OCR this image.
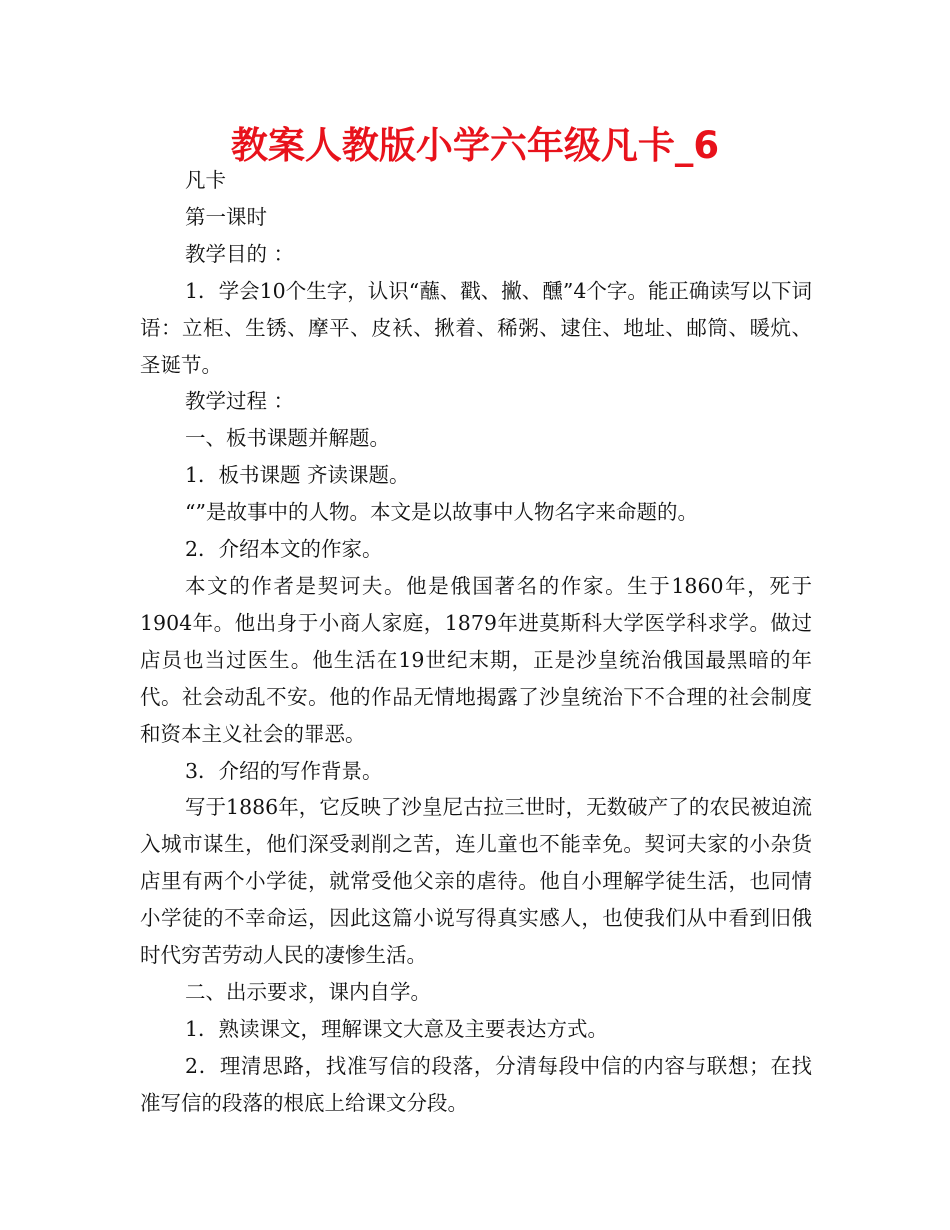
教案人教版小学六年级凡卡_6

凡卡

第一课时

教学目的 ：

1．学会10个生字，认识“蘸、戳、撇、醺”4个字。能正确读写以下词语：立柜、生锈、摩平、皮袄、揪着、稀粥、逮住、地址、邮筒、暖炕、圣诞节。

教学过程 ：

一、板书课题并解题。

1．板书课题 齐读课题。

“”是故事中的人物。本文是以故事中人物名字来命题的。

2．介绍本文的作家。

本文的作者是契诃夫。他是俄国著名的作家。生于1860年，死于1904年。他出身于小商人家庭，1879年进莫斯科大学医学科求学。做过店员也当过医生。他生活在19世纪末期，正是沙皇统治俄国最黑暗的年代。社会动乱不安。他的作品无情地揭露了沙皇统治下不合理的社会制度和资本主义社会的罪恶。

3．介绍的写作背景。

写于1886年，它反映了沙皇尼古拉三世时，无数破产了的农民被迫流入城市谋生，他们深受剥削之苦，连儿童也不能幸免。契诃夫家的小杂货店里有两个小学徒，就常受他父亲的虐待。他自小理解学徒生活，也同情小学徒的不幸命运，因此这篇小说写得真实感人，也使我们从中看到旧俄时代穷苦劳动人民的凄惨生活。

二、出示要求，课内自学。

1．熟读课文，理解课文大意及主要表达方式。

2．理清思路，找准写信的段落，分清每段中信的内容与联想；在找准写信的段落的根底上给课文分段。
